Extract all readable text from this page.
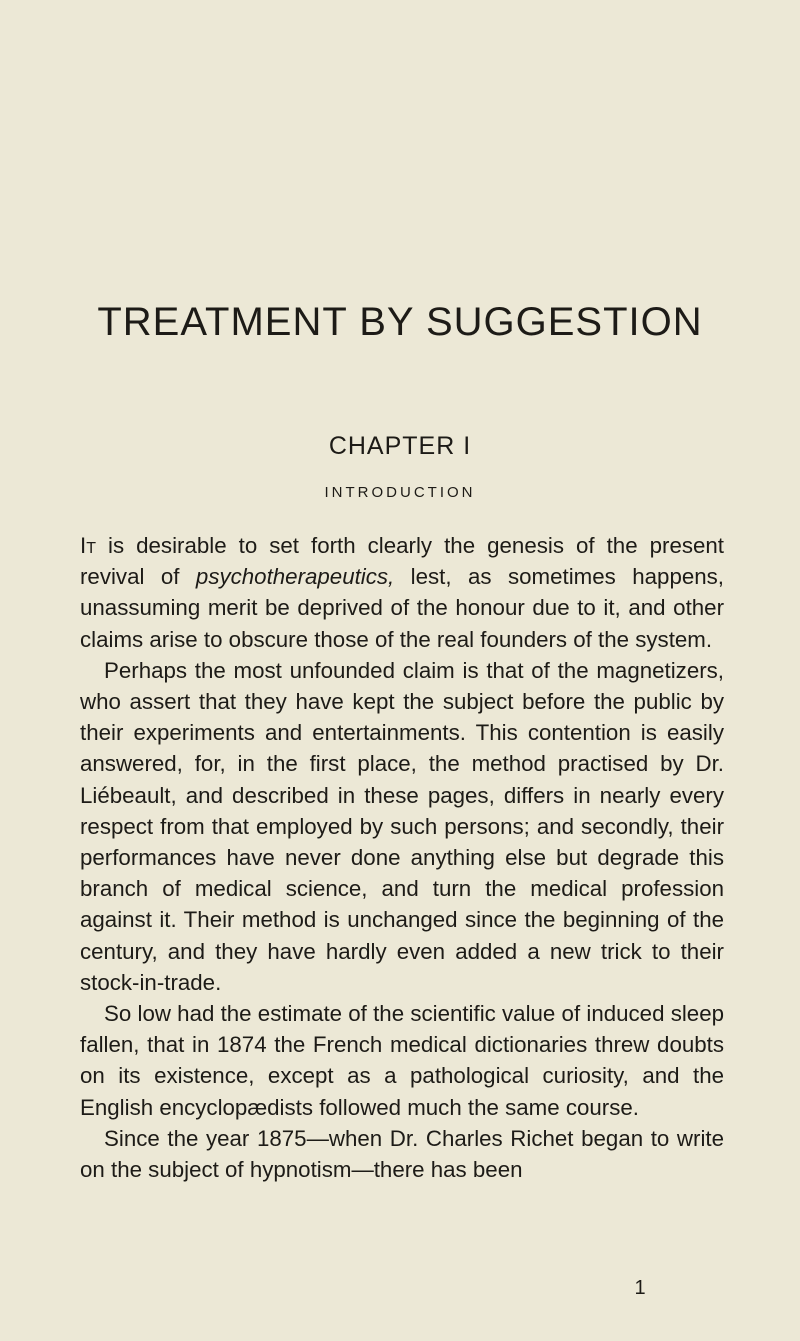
TREATMENT BY SUGGESTION
CHAPTER I
INTRODUCTION

It is desirable to set forth clearly the genesis of the present revival of psychotherapeutics, lest, as sometimes happens, unassuming merit be deprived of the honour due to it, and other claims arise to obscure those of the real founders of the system.

Perhaps the most unfounded claim is that of the magnetizers, who assert that they have kept the subject before the public by their experiments and entertainments. This contention is easily answered, for, in the first place, the method practised by Dr. Liébeault, and described in these pages, differs in nearly every respect from that employed by such persons; and secondly, their performances have never done anything else but degrade this branch of medical science, and turn the medical profession against it. Their method is unchanged since the beginning of the century, and they have hardly even added a new trick to their stock-in-trade.

So low had the estimate of the scientific value of induced sleep fallen, that in 1874 the French medical dictionaries threw doubts on its existence, except as a pathological curiosity, and the English encyclopædists followed much the same course.

Since the year 1875—when Dr. Charles Richet began to write on the subject of hypnotism—there has been

1
